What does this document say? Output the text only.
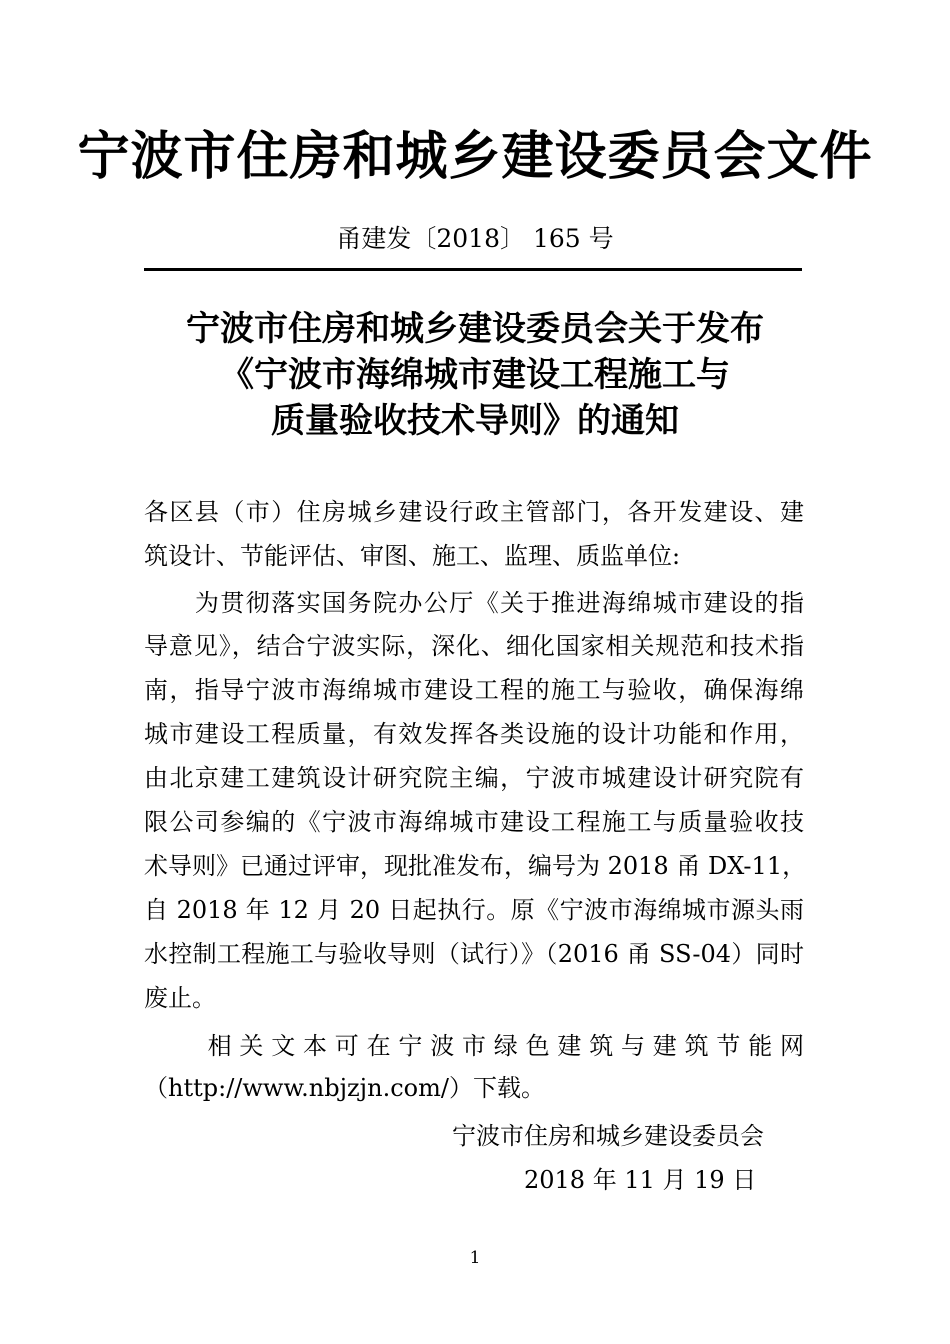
宁波市住房和城乡建设委员会文件
甬建发〔2018〕 165 号
宁波市住房和城乡建设委员会关于发布
《宁波市海绵城市建设工程施工与
质量验收技术导则》的通知
各区县（市）住房城乡建设行政主管部门，各开发建设、建
筑设计、节能评估、审图、施工、监理、质监单位:
　　为贯彻落实国务院办公厅《关于推进海绵城市建设的指
导意见》，结合宁波实际，深化、细化国家相关规范和技术指
南，指导宁波市海绵城市建设工程的施工与验收，确保海绵
城市建设工程质量，有效发挥各类设施的设计功能和作用，
由北京建工建筑设计研究院主编，宁波市城建设计研究院有
限公司参编的《宁波市海绵城市建设工程施工与质量验收技
术导则》已通过评审，现批准发布，编号为 2018 甬 DX-11，
自 2018 年 12 月 20 日起执行。原《宁波市海绵城市源头雨
水控制工程施工与验收导则（试行）》（2016 甬 SS-04）同时
废止。
　　相关文本可在宁波市绿色建筑与建筑节能网
（http://www.nbjzjn.com/）下载。
宁波市住房和城乡建设委员会
2018 年 11 月 19 日
1
